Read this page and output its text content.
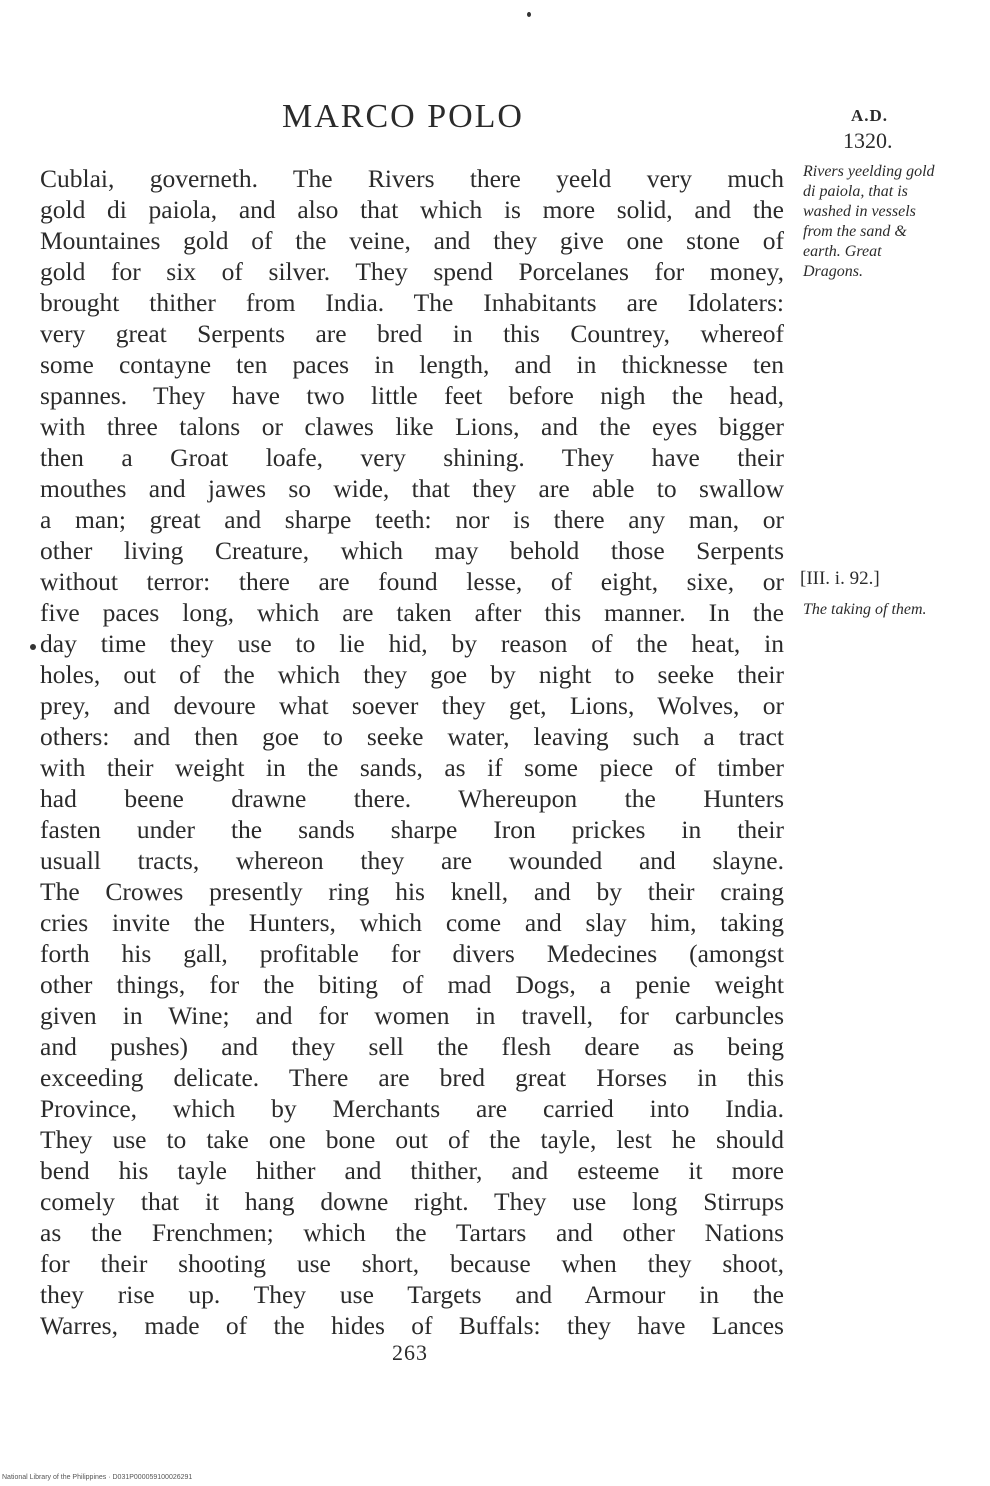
MARCO POLO	A.D.
1320.
Cublai, governeth. The Rivers there yeeld very much
gold di paiola, and also that which is more solid, and the
Mountaines gold of the veine, and they give one stone of
gold for six of silver. They spend Porcelanes for money,
brought thither from India. The Inhabitants are Idolaters:
very great Serpents are bred in this Countrey, whereof
some contayne ten paces in length, and in thicknesse ten
spannes. They have two little feet before nigh the head,
with three talons or clawes like Lions, and the eyes bigger
then a Groat loafe, very shining. They have their
mouthes and jawes so wide, that they are able to swallow
a man; great and sharpe teeth: nor is there any man, or
other living Creature, which may behold those Serpents
without terror: there are found lesse, of eight, sixe, or
five paces long, which are taken after this manner. In the
day time they use to lie hid, by reason of the heat, in
holes, out of the which they goe by night to seeke their
prey, and devoure what soever they get, Lions, Wolves, or
others: and then goe to seeke water, leaving such a tract
with their weight in the sands, as if some piece of timber
had beene drawne there. Whereupon the Hunters
fasten under the sands sharpe Iron prickes in their
usuall tracts, whereon they are wounded and slayne.
The Crowes presently ring his knell, and by their craing
cries invite the Hunters, which come and slay him, taking
forth his gall, profitable for divers Medecines (amongst
other things, for the biting of mad Dogs, a penie weight
given in Wine; and for women in travell, for carbuncles
and pushes) and they sell the flesh deare as being
exceeding delicate. There are bred great Horses in this
Province, which by Merchants are carried into India.
They use to take one bone out of the tayle, lest he should
bend his tayle hither and thither, and esteeme it more
comely that it hang downe right. They use long Stirrups
as the Frenchmen; which the Tartars and other Nations
for their shooting use short, because when they shoot,
they rise up. They use Targets and Armour in the
Warres, made of the hides of Buffals: they have Lances
Rivers yeelding gold di paiola, that is washed in vessels from the sand & earth. Great Dragons.
[III. i. 92.]
The taking of them.
263
National Library of the Philippines · D031P000059100026291
